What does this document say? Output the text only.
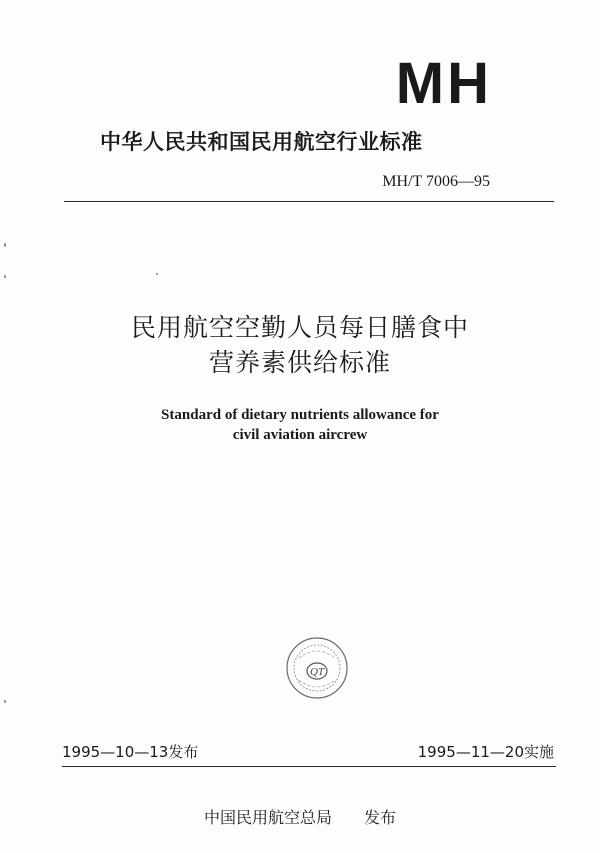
MH
中华人民共和国民用航空行业标准
MH/T 7006—95
民用航空空勤人员每日膳食中
营养素供给标准
Standard of dietary nutrients allowance for
civil aviation aircrew
QT
1995—10—13发布	1995—11—20实施
中国民用航空总局 发布
